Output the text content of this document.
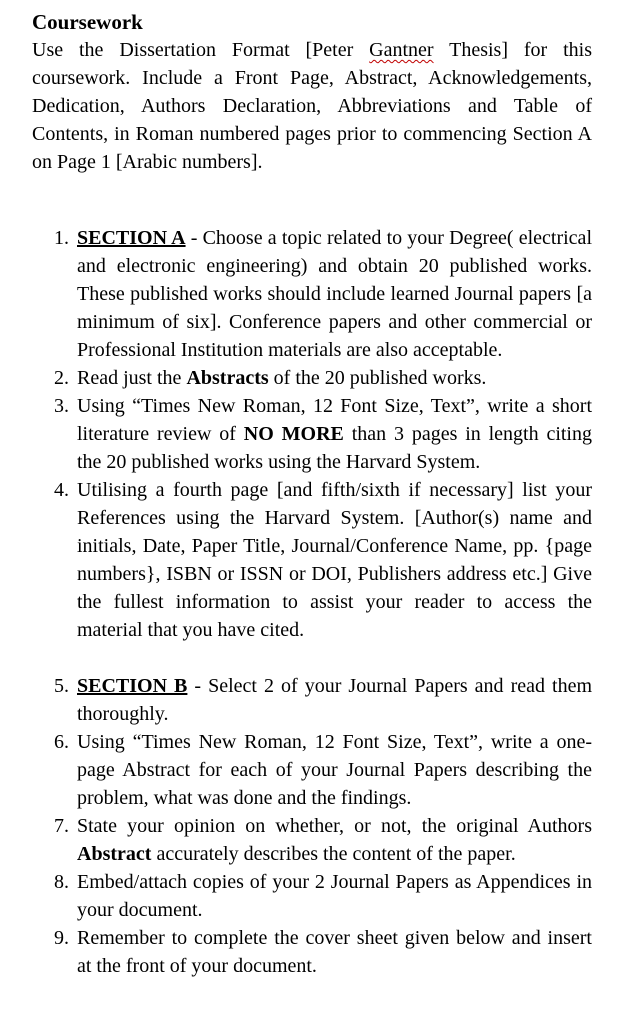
Coursework

Use the Dissertation Format [Peter Gantner Thesis] for this coursework. Include a Front Page, Abstract, Acknowledgements, Dedication, Authors Declaration, Abbreviations and Table of Contents, in Roman numbered pages prior to commencing Section A on Page 1 [Arabic numbers].

1. SECTION A - Choose a topic related to your Degree( electrical and electronic engineering) and obtain 20 published works. These published works should include learned Journal papers [a minimum of six]. Conference papers and other commercial or Professional Institution materials are also acceptable.
2. Read just the Abstracts of the 20 published works.
3. Using “Times New Roman, 12 Font Size, Text”, write a short literature review of NO MORE than 3 pages in length citing the 20 published works using the Harvard System.
4. Utilising a fourth page [and fifth/sixth if necessary] list your References using the Harvard System. [Author(s) name and initials, Date, Paper Title, Journal/Conference Name, pp. {page numbers}, ISBN or ISSN or DOI, Publishers address etc.] Give the fullest information to assist your reader to access the material that you have cited.
5. SECTION B - Select 2 of your Journal Papers and read them thoroughly.
6. Using “Times New Roman, 12 Font Size, Text”, write a one-page Abstract for each of your Journal Papers describing the problem, what was done and the findings.
7. State your opinion on whether, or not, the original Authors Abstract accurately describes the content of the paper.
8. Embed/attach copies of your 2 Journal Papers as Appendices in your document.
9. Remember to complete the cover sheet given below and insert at the front of your document.
